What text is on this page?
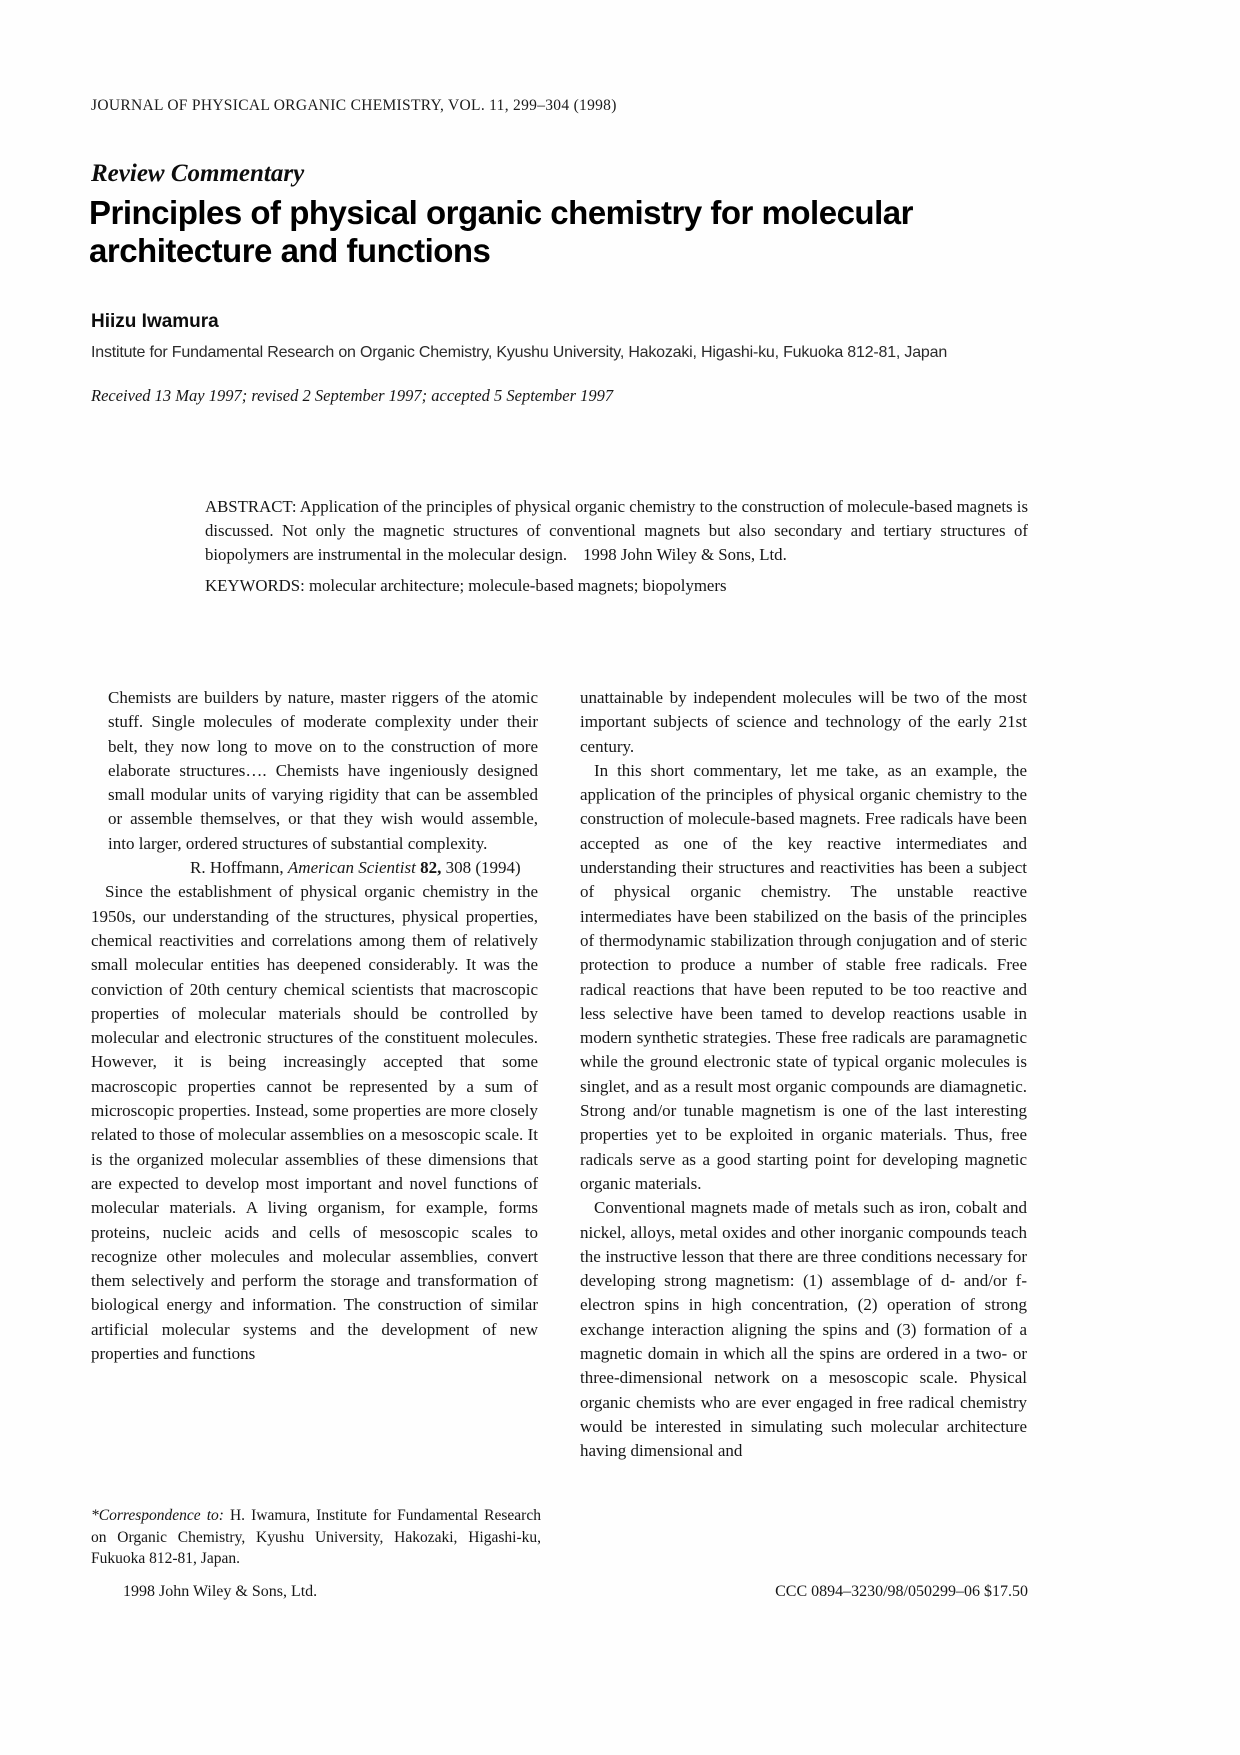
JOURNAL OF PHYSICAL ORGANIC CHEMISTRY, VOL. 11, 299–304 (1998)
Review Commentary
Principles of physical organic chemistry for molecular architecture and functions
Hiizu Iwamura
Institute for Fundamental Research on Organic Chemistry, Kyushu University, Hakozaki, Higashi-ku, Fukuoka 812-81, Japan
Received 13 May 1997; revised 2 September 1997; accepted 5 September 1997

ABSTRACT: Application of the principles of physical organic chemistry to the construction of molecule-based magnets is discussed. Not only the magnetic structures of conventional magnets but also secondary and tertiary structures of biopolymers are instrumental in the molecular design. 1998 John Wiley & Sons, Ltd.

KEYWORDS: molecular architecture; molecule-based magnets; biopolymers

Chemists are builders by nature, master riggers of the atomic stuff. Single molecules of moderate complexity under their belt, they now long to move on to the construction of more elaborate structures…. Chemists have ingeniously designed small modular units of varying rigidity that can be assembled or assemble themselves, or that they wish would assemble, into larger, ordered structures of substantial complexity.

R. Hoffmann, American Scientist 82, 308 (1994)

Since the establishment of physical organic chemistry in the 1950s, our understanding of the structures, physical properties, chemical reactivities and correlations among them of relatively small molecular entities has deepened considerably. It was the conviction of 20th century chemical scientists that macroscopic properties of molecular materials should be controlled by molecular and electronic structures of the constituent molecules. However, it is being increasingly accepted that some macroscopic properties cannot be represented by a sum of microscopic properties. Instead, some properties are more closely related to those of molecular assemblies on a mesoscopic scale. It is the organized molecular assemblies of these dimensions that are expected to develop most important and novel functions of molecular materials. A living organism, for example, forms proteins, nucleic acids and cells of mesoscopic scales to recognize other molecules and molecular assemblies, convert them selectively and perform the storage and transformation of biological energy and information. The construction of similar artificial molecular systems and the development of new properties and functions

unattainable by independent molecules will be two of the most important subjects of science and technology of the early 21st century.

In this short commentary, let me take, as an example, the application of the principles of physical organic chemistry to the construction of molecule-based magnets. Free radicals have been accepted as one of the key reactive intermediates and understanding their structures and reactivities has been a subject of physical organic chemistry. The unstable reactive intermediates have been stabilized on the basis of the principles of thermodynamic stabilization through conjugation and of steric protection to produce a number of stable free radicals. Free radical reactions that have been reputed to be too reactive and less selective have been tamed to develop reactions usable in modern synthetic strategies. These free radicals are paramagnetic while the ground electronic state of typical organic molecules is singlet, and as a result most organic compounds are diamagnetic. Strong and/or tunable magnetism is one of the last interesting properties yet to be exploited in organic materials. Thus, free radicals serve as a good starting point for developing magnetic organic materials.

Conventional magnets made of metals such as iron, cobalt and nickel, alloys, metal oxides and other inorganic compounds teach the instructive lesson that there are three conditions necessary for developing strong magnetism: (1) assemblage of d- and/or f-electron spins in high concentration, (2) operation of strong exchange interaction aligning the spins and (3) formation of a magnetic domain in which all the spins are ordered in a two- or three-dimensional network on a mesoscopic scale. Physical organic chemists who are ever engaged in free radical chemistry would be interested in simulating such molecular architecture having dimensional and

*Correspondence to: H. Iwamura, Institute for Fundamental Research on Organic Chemistry, Kyushu University, Hakozaki, Higashi-ku, Fukuoka 812-81, Japan.
1998 John Wiley & Sons, Ltd.	CCC 0894–3230/98/050299–06 $17.50
